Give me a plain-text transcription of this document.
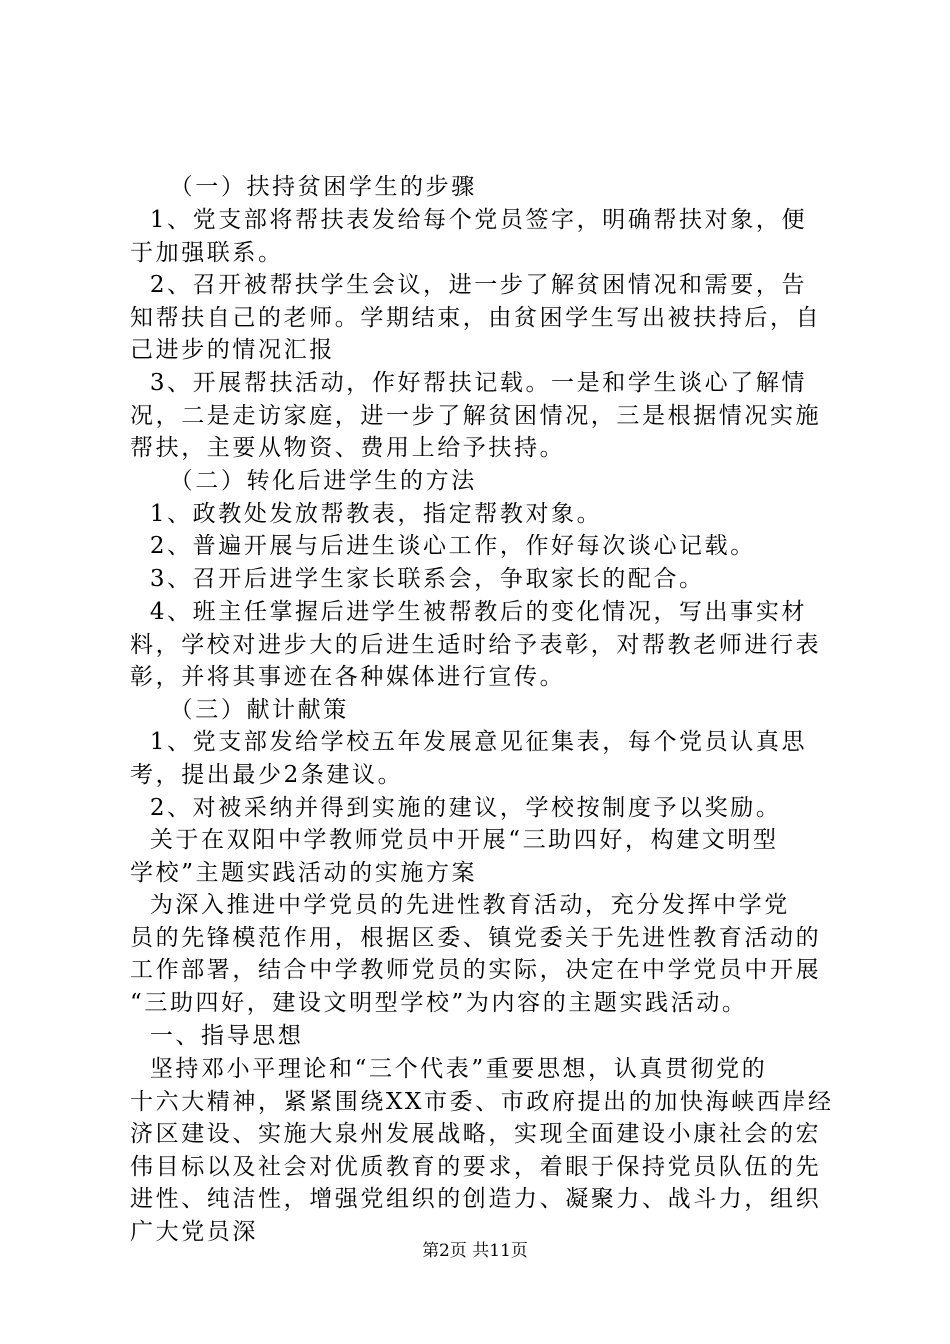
（一）扶持贫困学生的步骤

1、党支部将帮扶表发给每个党员签字，明确帮扶对象，便
于加强联系。

2、召开被帮扶学生会议，进一步了解贫困情况和需要，告
知帮扶自己的老师。学期结束，由贫困学生写出被扶持后，自
己进步的情况汇报

3、开展帮扶活动，作好帮扶记载。一是和学生谈心了解情
况，二是走访家庭，进一步了解贫困情况，三是根据情况实施
帮扶，主要从物资、费用上给予扶持。

（二）转化后进学生的方法

1、政教处发放帮教表，指定帮教对象。

2、普遍开展与后进生谈心工作，作好每次谈心记载。

3、召开后进学生家长联系会，争取家长的配合。

4、班主任掌握后进学生被帮教后的变化情况，写出事实材
料，学校对进步大的后进生适时给予表彰，对帮教老师进行表
彰，并将其事迹在各种媒体进行宣传。

（三）献计献策

1、党支部发给学校五年发展意见征集表，每个党员认真思
考，提出最少2条建议。

2、对被采纳并得到实施的建议，学校按制度予以奖励。

关于在双阳中学教师党员中开展“三助四好，构建文明型
学校”主题实践活动的实施方案

为深入推进中学党员的先进性教育活动，充分发挥中学党
员的先锋模范作用，根据区委、镇党委关于先进性教育活动的
工作部署，结合中学教师党员的实际，决定在中学党员中开展
“三助四好，建设文明型学校”为内容的主题实践活动。

一、指导思想

坚持邓小平理论和“三个代表”重要思想，认真贯彻党的
十六大精神，紧紧围绕XX市委、市政府提出的加快海峡西岸经
济区建设、实施大泉州发展战略，实现全面建设小康社会的宏
伟目标以及社会对优质教育的要求，着眼于保持党员队伍的先
进性、纯洁性，增强党组织的创造力、凝聚力、战斗力，组织
广大党员深

第2页 共11页
